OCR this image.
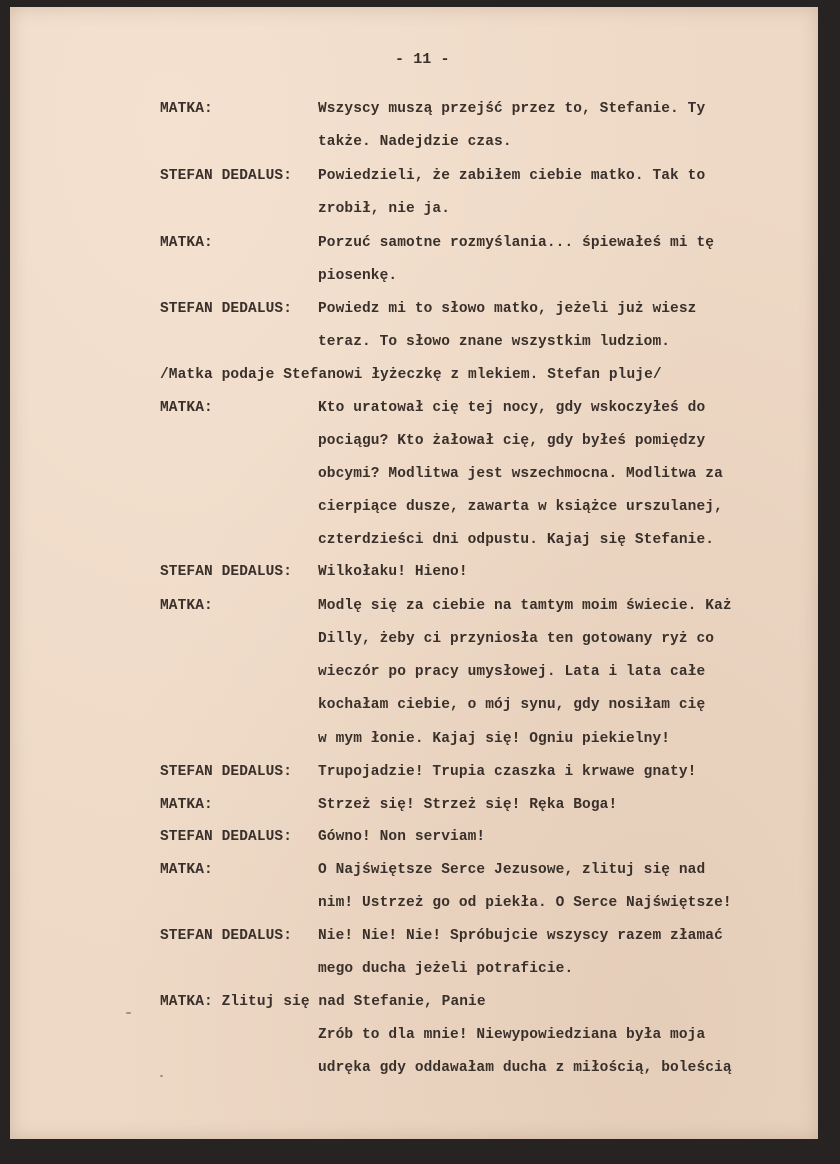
- 11 -
MATKA:	Wszyscy muszą przejść przez to, Stefanie. Ty
także. Nadejdzie czas.
STEFAN DEDALUS: Powiedzieli, że zabiłem ciebie matko. Tak to
zrobił, nie ja.
MATKA:	Porzuć samotne rozmyślania... śpiewałeś mi tę
piosenkę.
STEFAN DEDALUS: Powiedz mi to słowo matko, jeżeli już wiesz
teraz. To słowo znane wszystkim ludziom.
/Matka podaje Stefanowi łyżeczkę z mlekiem. Stefan pluje/
MATKA:	Kto uratował cię tej nocy, gdy wskoczyłeś do
pociągu? Kto żałował cię, gdy byłeś pomiędzy
obcymi? Modlitwa jest wszechmocna. Modlitwa za
cierpiące dusze, zawarta w książce urszulanej,
czterdzieści dni odpustu. Kajaj się Stefanie.
STEFAN DEDALUS: Wilkołaku! Hieno!
MATKA:	Modlę się za ciebie na tamtym moim świecie. Każ
Dilly, żeby ci przyniosła ten gotowany ryż co
wieczór po pracy umysłowej. Lata i lata całe
kochałam ciebie, o mój synu, gdy nosiłam cię
w mym łonie. Kajaj się! Ogniu piekielny!
STEFAN DEDALUS: Trupojadzie! Trupia czaszka i krwawe gnaty!
MATKA:	Strzeż się! Strzeż się! Ręka Boga!
STEFAN DEDALUS: Gówno! Non serviam!
MATKA:	O Najświętsze Serce Jezusowe, zlituj się nad
nim! Ustrzeż go od piekła. O Serce Najświętsze!
STEFAN DEDALUS: Nie! Nie! Nie! Spróbujcie wszyscy razem złamać
mego ducha jeżeli potraficie.
MATKA: Zlituj się nad Stefanie, Panie
Zrób to dla mnie! Niewypowiedziana była moja
udręka gdy oddawałam ducha z miłością, boleścią
